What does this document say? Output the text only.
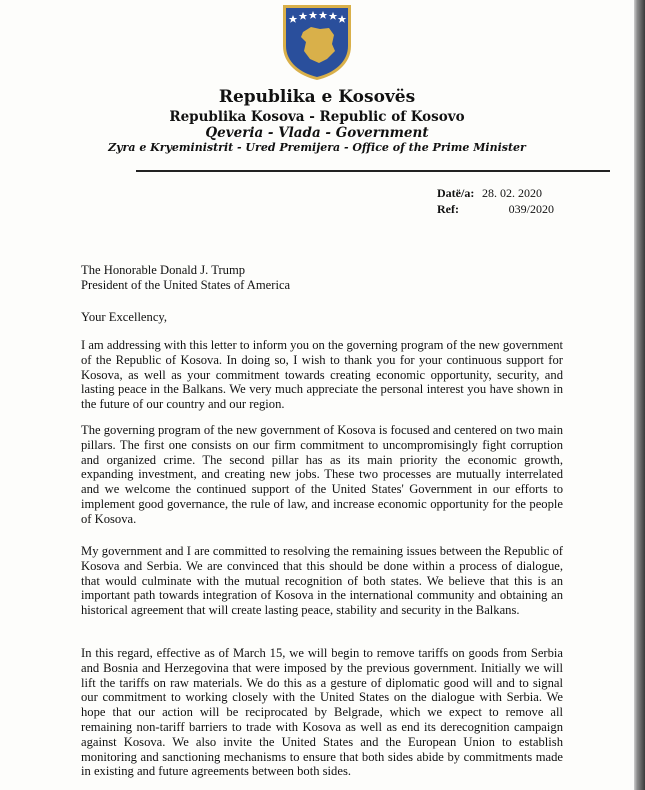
Republika e Kosovës
Republika Kosova - Republic of Kosovo
Qeveria - Vlada - Government
Zyra e Kryeministrit - Ured Premijera - Office of the Prime Minister
Datë/a: 28. 02. 2020
Ref:	039/2020
The Honorable Donald J. Trump
President of the United States of America
Your Excellency,

I am addressing with this letter to inform you on the governing program of the new government of the Republic of Kosova. In doing so, I wish to thank you for your continuous support for Kosova, as well as your commitment towards creating economic opportunity, security, and lasting peace in the Balkans. We very much appreciate the personal interest you have shown in the future of our country and our region.

The governing program of the new government of Kosova is focused and centered on two main pillars. The first one consists on our firm commitment to uncompromisingly fight corruption and organized crime. The second pillar has as its main priority the economic growth, expanding investment, and creating new jobs. These two processes are mutually interrelated and we welcome the continued support of the United States' Government in our efforts to implement good governance, the rule of law, and increase economic opportunity for the people of Kosova.

My government and I are committed to resolving the remaining issues between the Republic of Kosova and Serbia. We are convinced that this should be done within a process of dialogue, that would culminate with the mutual recognition of both states. We believe that this is an important path towards integration of Kosova in the international community and obtaining an historical agreement that will create lasting peace, stability and security in the Balkans.

In this regard, effective as of March 15, we will begin to remove tariffs on goods from Serbia and Bosnia and Herzegovina that were imposed by the previous government. Initially we will lift the tariffs on raw materials. We do this as a gesture of diplomatic good will and to signal our commitment to working closely with the United States on the dialogue with Serbia. We hope that our action will be reciprocated by Belgrade, which we expect to remove all remaining non-tariff barriers to trade with Kosova as well as end its derecognition campaign against Kosova. We also invite the United States and the European Union to establish monitoring and sanctioning mechanisms to ensure that both sides abide by commitments made in existing and future agreements between both sides.
